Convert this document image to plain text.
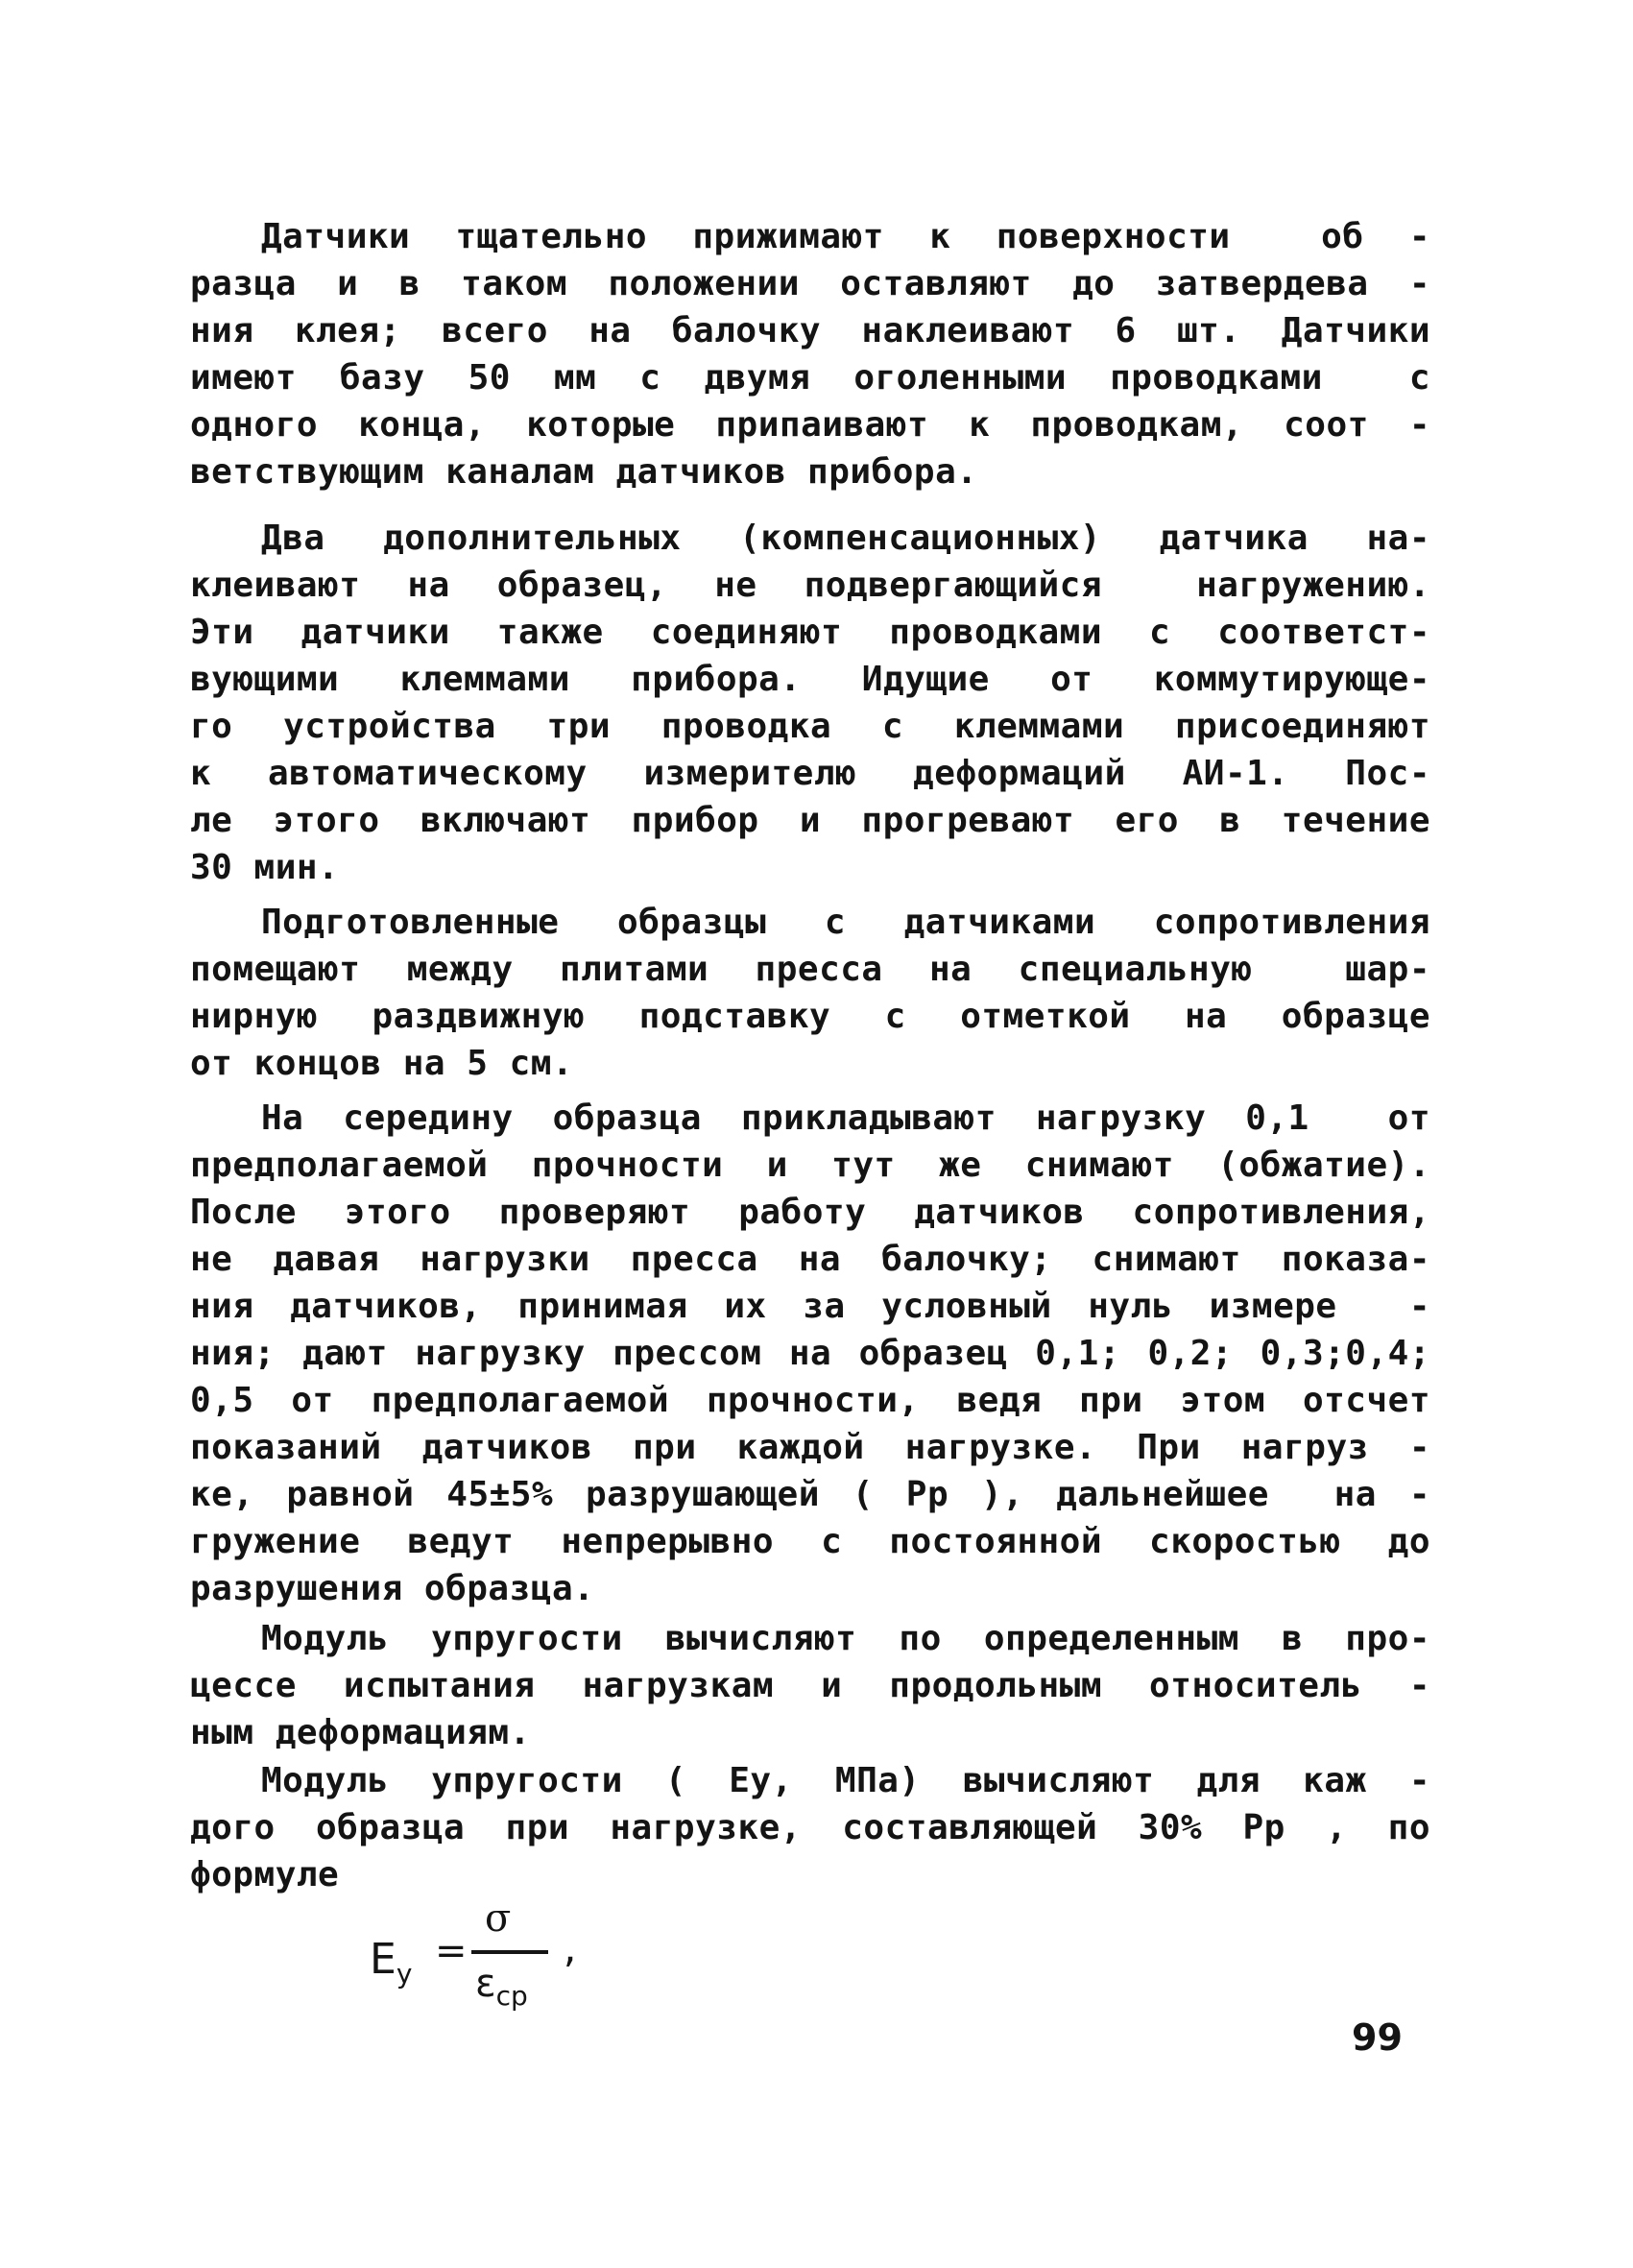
Датчики тщательно прижимают к поверхности  об -
разца и в таком положении оставляют до затвердева -
ния клея; всего на балочку наклеивают 6 шт. Датчики
имеют базу 50 мм с двумя оголенными проводками  с
одного конца, которые припаивают к проводкам, соот -
ветствующим каналам датчиков прибора.
Два дополнительных (компенсационных) датчика на-
клеивают на образец, не подвергающийся  нагружению.
Эти датчики также соединяют проводками с соответст-
вующими клеммами прибора. Идущие от коммутирующе-
го устройства три проводка с клеммами присоединяют
к автоматическому измерителю деформаций АИ-1. Пос-
ле этого включают прибор и прогревают его в течение
30 мин.
Подготовленные образцы с датчиками сопротивления
помещают между плитами пресса на специальную  шар-
нирную раздвижную подставку с отметкой на образце
от концов на 5 см.
На середину образца прикладывают нагрузку 0,1  от
предполагаемой прочности и тут же снимают (обжатие).
После этого проверяют работу датчиков сопротивления,
не давая нагрузки пресса на балочку; снимают показа-
ния датчиков, принимая их за условный нуль измере  -
ния; дают нагрузку прессом на образец 0,1; 0,2; 0,3;0,4;
0,5 от предполагаемой прочности, ведя при этом отсчет
показаний датчиков при каждой нагрузке. При нагруз -
ке, равной 45±5% разрушающей ( Pр ), дальнейшее  на -
гружение ведут непрерывно с постоянной скоростью до
разрушения образца.
Модуль упругости вычисляют по определенным в про-
цессе испытания нагрузкам и продольным относитель -
ным деформациям.
Модуль упругости ( Eу, МПа) вычисляют для каж -
дого образца при нагрузке, составляющей 30% Pр , по
формуле
$E_у$
=
σ
$\varepsilon_{ср}$
,
99
